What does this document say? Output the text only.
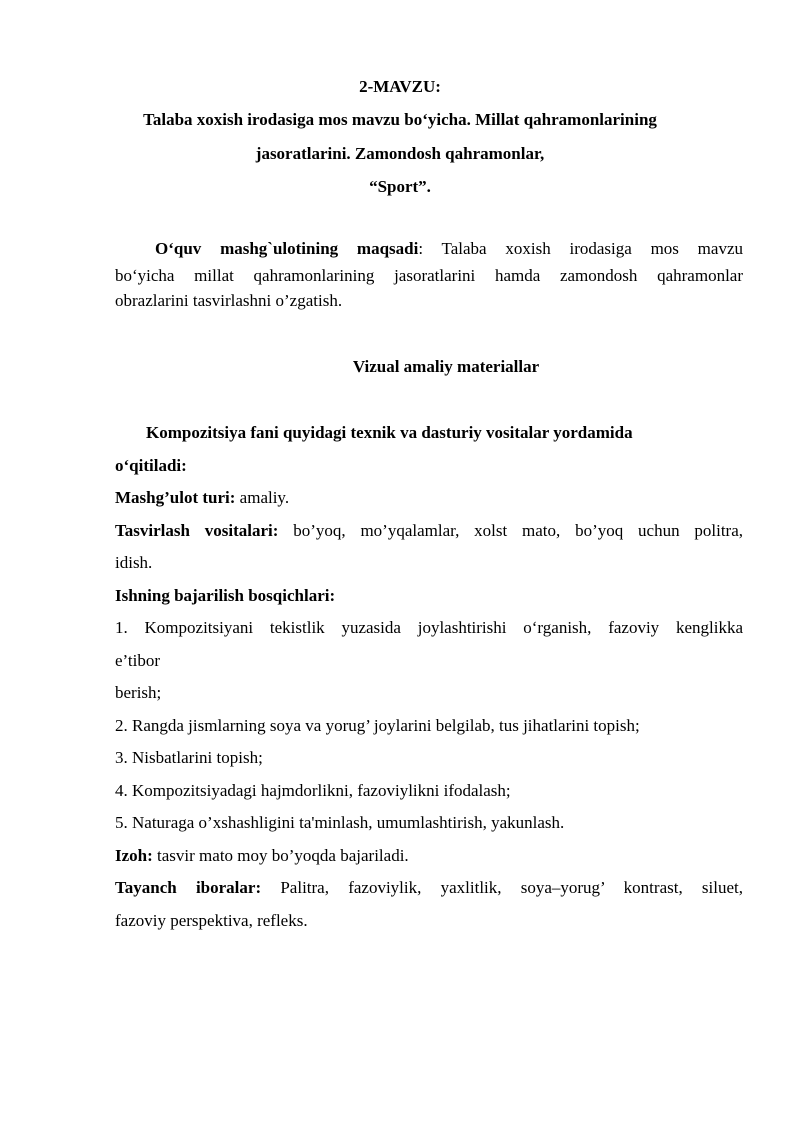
2-MAVZU:
Talaba xoxish irodasiga mos mavzu bo‘yicha. Millat qahramonlarining
jasoratlarini. Zamondosh qahramonlar,
“Sport”.
O‘quv mashg`ulotining maqsadi: Talaba xoxish irodasiga mos mavzu
bo‘yicha millat qahramonlarining jasoratlarini hamda zamondosh qahramonlar
obrazlarini tasvirlashni o’zgatish.
Vizual amaliy materiallar
Kompozitsiya fani quyidagi texnik va dasturiy vositalar yordamida
o‘qitiladi:
Mashg’ulot turi: amaliy.
Tasvirlash vositalari: bo’yoq, mo’yqalamlar, xolst mato, bo’yoq uchun politra,
idish.
Ishning bajarilish bosqichlari:
1. Kompozitsiyani tekistlik yuzasida joylashtirishi o‘rganish, fazoviy kenglikka
e’tibor
berish;
2. Rangda jismlarning soya va yorug’ joylarini belgilab, tus jihatlarini topish;
3. Nisbatlarini topish;
4. Kompozitsiyadagi hajmdorlikni, fazoviylikni ifodalash;
5. Naturaga o’xshashligini ta'minlash, umumlashtirish, yakunlash.
Izoh: tasvir mato moy bo’yoqda bajariladi.
Tayanch iboralar: Palitra, fazoviylik, yaxlitlik, soya–yorug’ kontrast, siluet,
fazoviy perspektiva, refleks.
